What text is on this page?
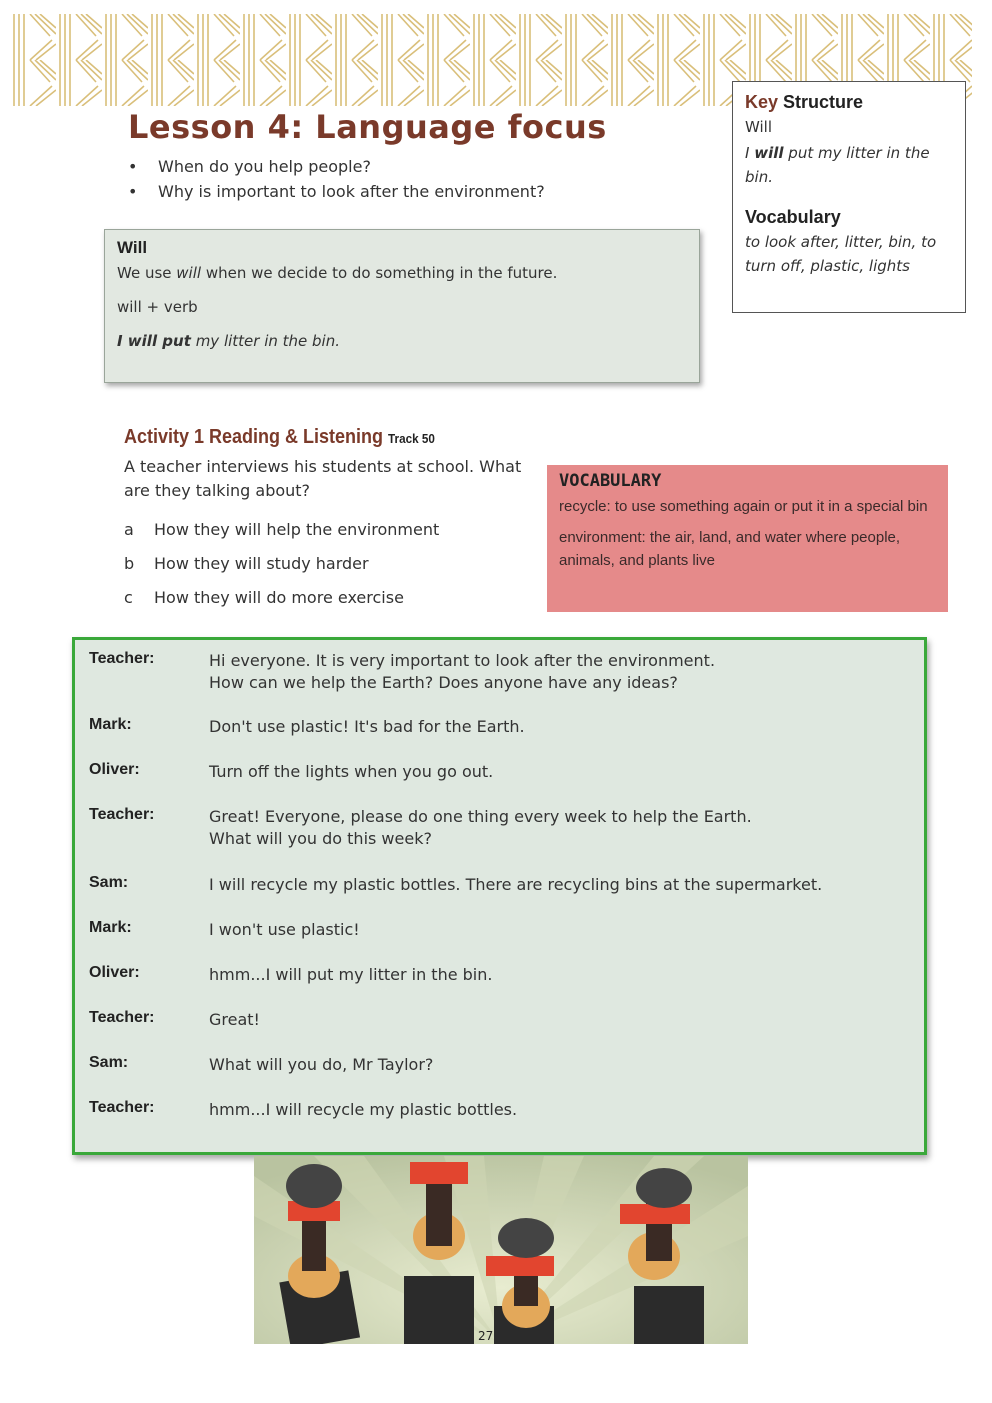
Lesson 4: Language focus
• When do you help people?
• Why is important to look after the environment?
Key Structure

Will

I will put my litter in the bin.

Vocabulary

to look after, litter, bin, to turn off, plastic, lights

Will

We use will when we decide to do something in the future.

will + verb

I will put my litter in the bin.

Activity 1 Reading & Listening Track 50

A teacher interviews his students at school. What are they talking about?

a	How they will help the environment
b	How they will study harder
c	How they will do more exercise
VOCABULARY

recycle: to use something again or put it in a special bin

environment: the air, land, and water where people, animals, and plants live

Teacher:	Hi everyone. It is very important to look after the environment.
How can we help the Earth? Does anyone have any ideas?
Mark:	Don't use plastic! It's bad for the Earth.
Oliver:	Turn off the lights when you go out.
Teacher:	Great! Everyone, please do one thing every week to help the Earth.
What will you do this week?
Sam:	I will recycle my plastic bottles. There are recycling bins at the supermarket.
Mark:	I won't use plastic!
Oliver:	hmm...I will put my litter in the bin.
Teacher:	Great!
Sam:	What will you do, Mr Taylor?
Teacher:	hmm...I will recycle my plastic bottles.
27
